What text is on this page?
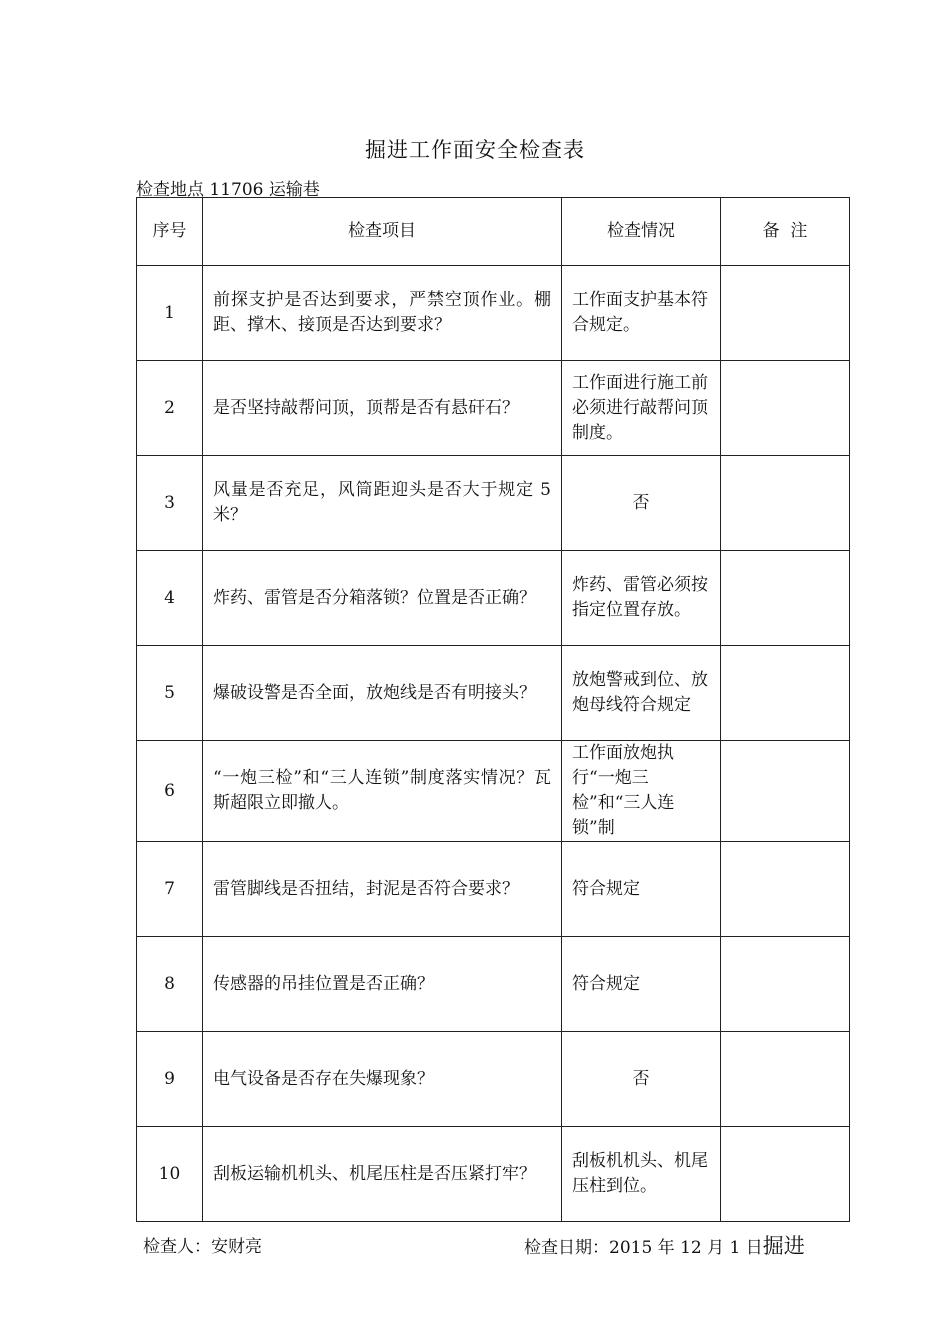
掘进工作面安全检查表
检查地点 11706 运输巷
序号	检查项目	检查情况	备  注
1	前探支护是否达到要求，严禁空顶作业。棚距、撑木、接顶是否达到要求？	工作面支护基本符合规定。	
2	是否坚持敲帮问顶，顶帮是否有悬矸石？	工作面进行施工前必须进行敲帮问顶制度。	
3	风量是否充足，风筒距迎头是否大于规定 5 米？	否	
4	炸药、雷管是否分箱落锁？位置是否正确？	炸药、雷管必须按指定位置存放。	
5	爆破设警是否全面，放炮线是否有明接头？	放炮警戒到位、放炮母线符合规定	
6	“一炮三检”和“三人连锁”制度落实情况？瓦斯超限立即撤人。	工作面放炮执行“一炮三检”和“三人连锁”制	
7	雷管脚线是否扭结，封泥是否符合要求？	符合规定	
8	传感器的吊挂位置是否正确？	符合规定	
9	电气设备是否存在失爆现象？	否	
10	刮板运输机机头、机尾压柱是否压紧打牢？	刮板机机头、机尾压柱到位。	
检查人：安财亮	检查日期：2015 年 12 月 1 日掘进
